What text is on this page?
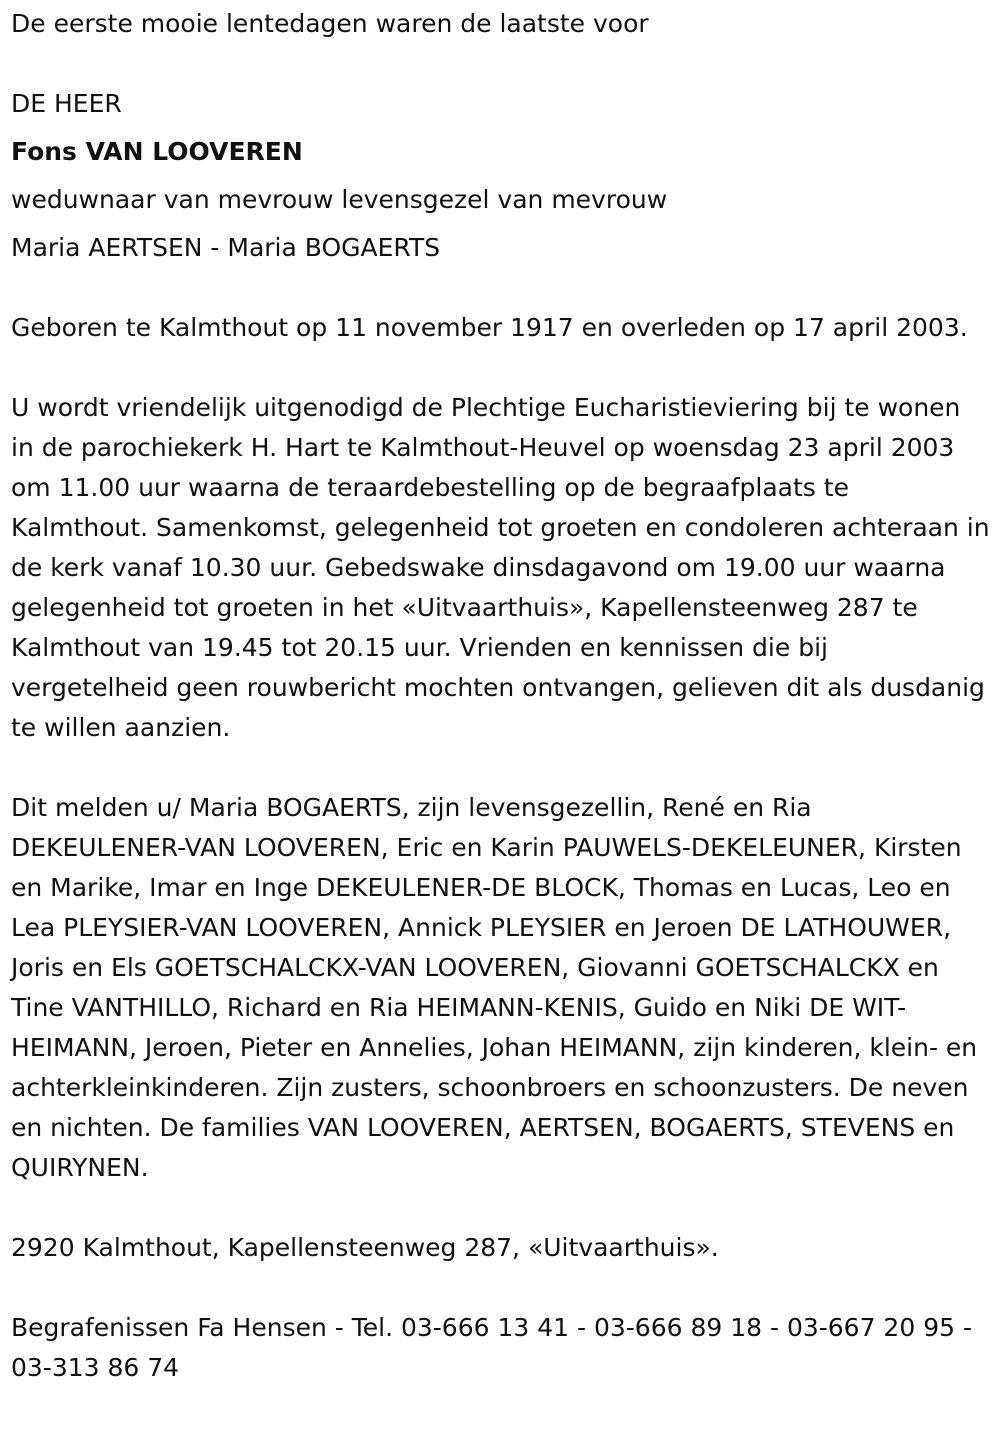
De eerste mooie lentedagen waren de laatste voor

DE HEER

Fons VAN LOOVEREN

weduwnaar van mevrouw levensgezel van mevrouw

Maria AERTSEN - Maria BOGAERTS

Geboren te Kalmthout op 11 november 1917 en overleden op 17 april 2003.

U wordt vriendelijk uitgenodigd de Plechtige Eucharistieviering bij te wonen in de parochiekerk H. Hart te Kalmthout-Heuvel op woensdag 23 april 2003 om 11.00 uur waarna de teraardebestelling op de begraafplaats te Kalmthout. Samenkomst, gelegenheid tot groeten en condoleren achteraan in de kerk vanaf 10.30 uur. Gebedswake dinsdagavond om 19.00 uur waarna gelegenheid tot groeten in het «Uitvaarthuis», Kapellensteenweg 287 te Kalmthout van 19.45 tot 20.15 uur. Vrienden en kennissen die bij vergetelheid geen rouwbericht mochten ontvangen, gelieven dit als dusdanig te willen aanzien.

Dit melden u/ Maria BOGAERTS, zijn levensgezellin, René en Ria DEKEULENER-VAN LOOVEREN, Eric en Karin PAUWELS-DEKELEUNER, Kirsten en Marike, Imar en Inge DEKEULENER-DE BLOCK, Thomas en Lucas, Leo en Lea PLEYSIER-VAN LOOVEREN, Annick PLEYSIER en Jeroen DE LATHOUWER, Joris en Els GOETSCHALCKX-VAN LOOVEREN, Giovanni GOETSCHALCKX en Tine VANTHILLO, Richard en Ria HEIMANN-KENIS, Guido en Niki DE WIT-HEIMANN, Jeroen, Pieter en Annelies, Johan HEIMANN, zijn kinderen, klein- en achterkleinkinderen. Zijn zusters, schoonbroers en schoonzusters. De neven en nichten. De families VAN LOOVEREN, AERTSEN, BOGAERTS, STEVENS en QUIRYNEN.

2920 Kalmthout, Kapellensteenweg 287, «Uitvaarthuis».

Begrafenissen Fa Hensen - Tel. 03-666 13 41 - 03-666 89 18 - 03-667 20 95 - 03-313 86 74
